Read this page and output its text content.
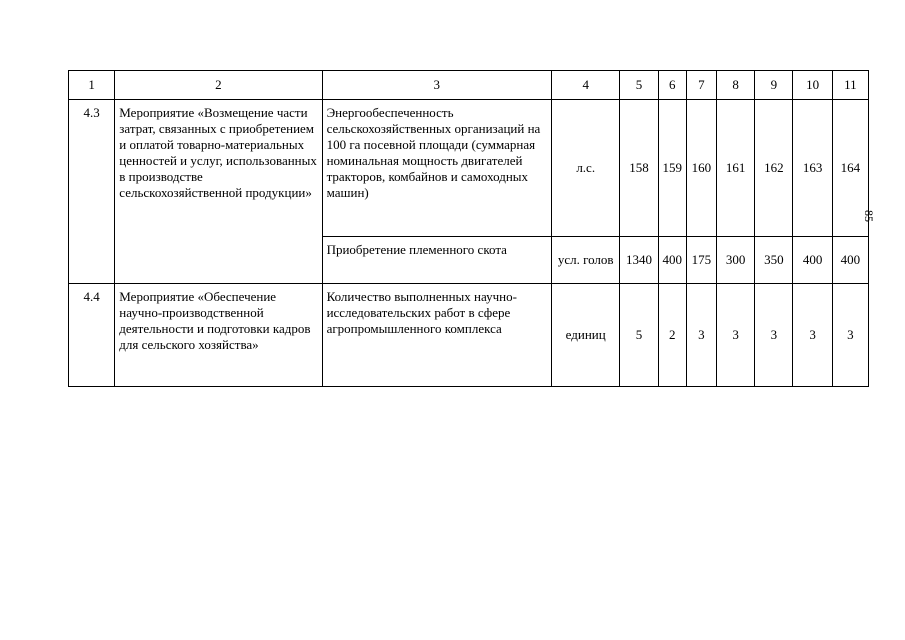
1	2	3	4	5	6	7	8	9	10	11
4.3	Мероприятие «Возмещение части затрат, связанных с приобретением и оплатой товарно-материальных ценностей и услуг, использованных в производстве сельскохозяйственной продукции»	Энергообеспеченность сельскохозяйственных организаций на 100 га посевной площади (суммарная номинальная мощность двигателей тракторов, комбайнов и самоходных машин)	л.с.	158	159	160	161	162	163	164
		Приобретение племенного скота	усл. голов	1340	400	175	300	350	400	400
4.4	Мероприятие «Обеспечение научно-производственной деятельности и подготовки кадров для сельского хозяйства»	Количество выполненных научно-исследовательских работ в сфере агропромышленного комплекса	единиц	5	2	3	3	3	3	3
85
